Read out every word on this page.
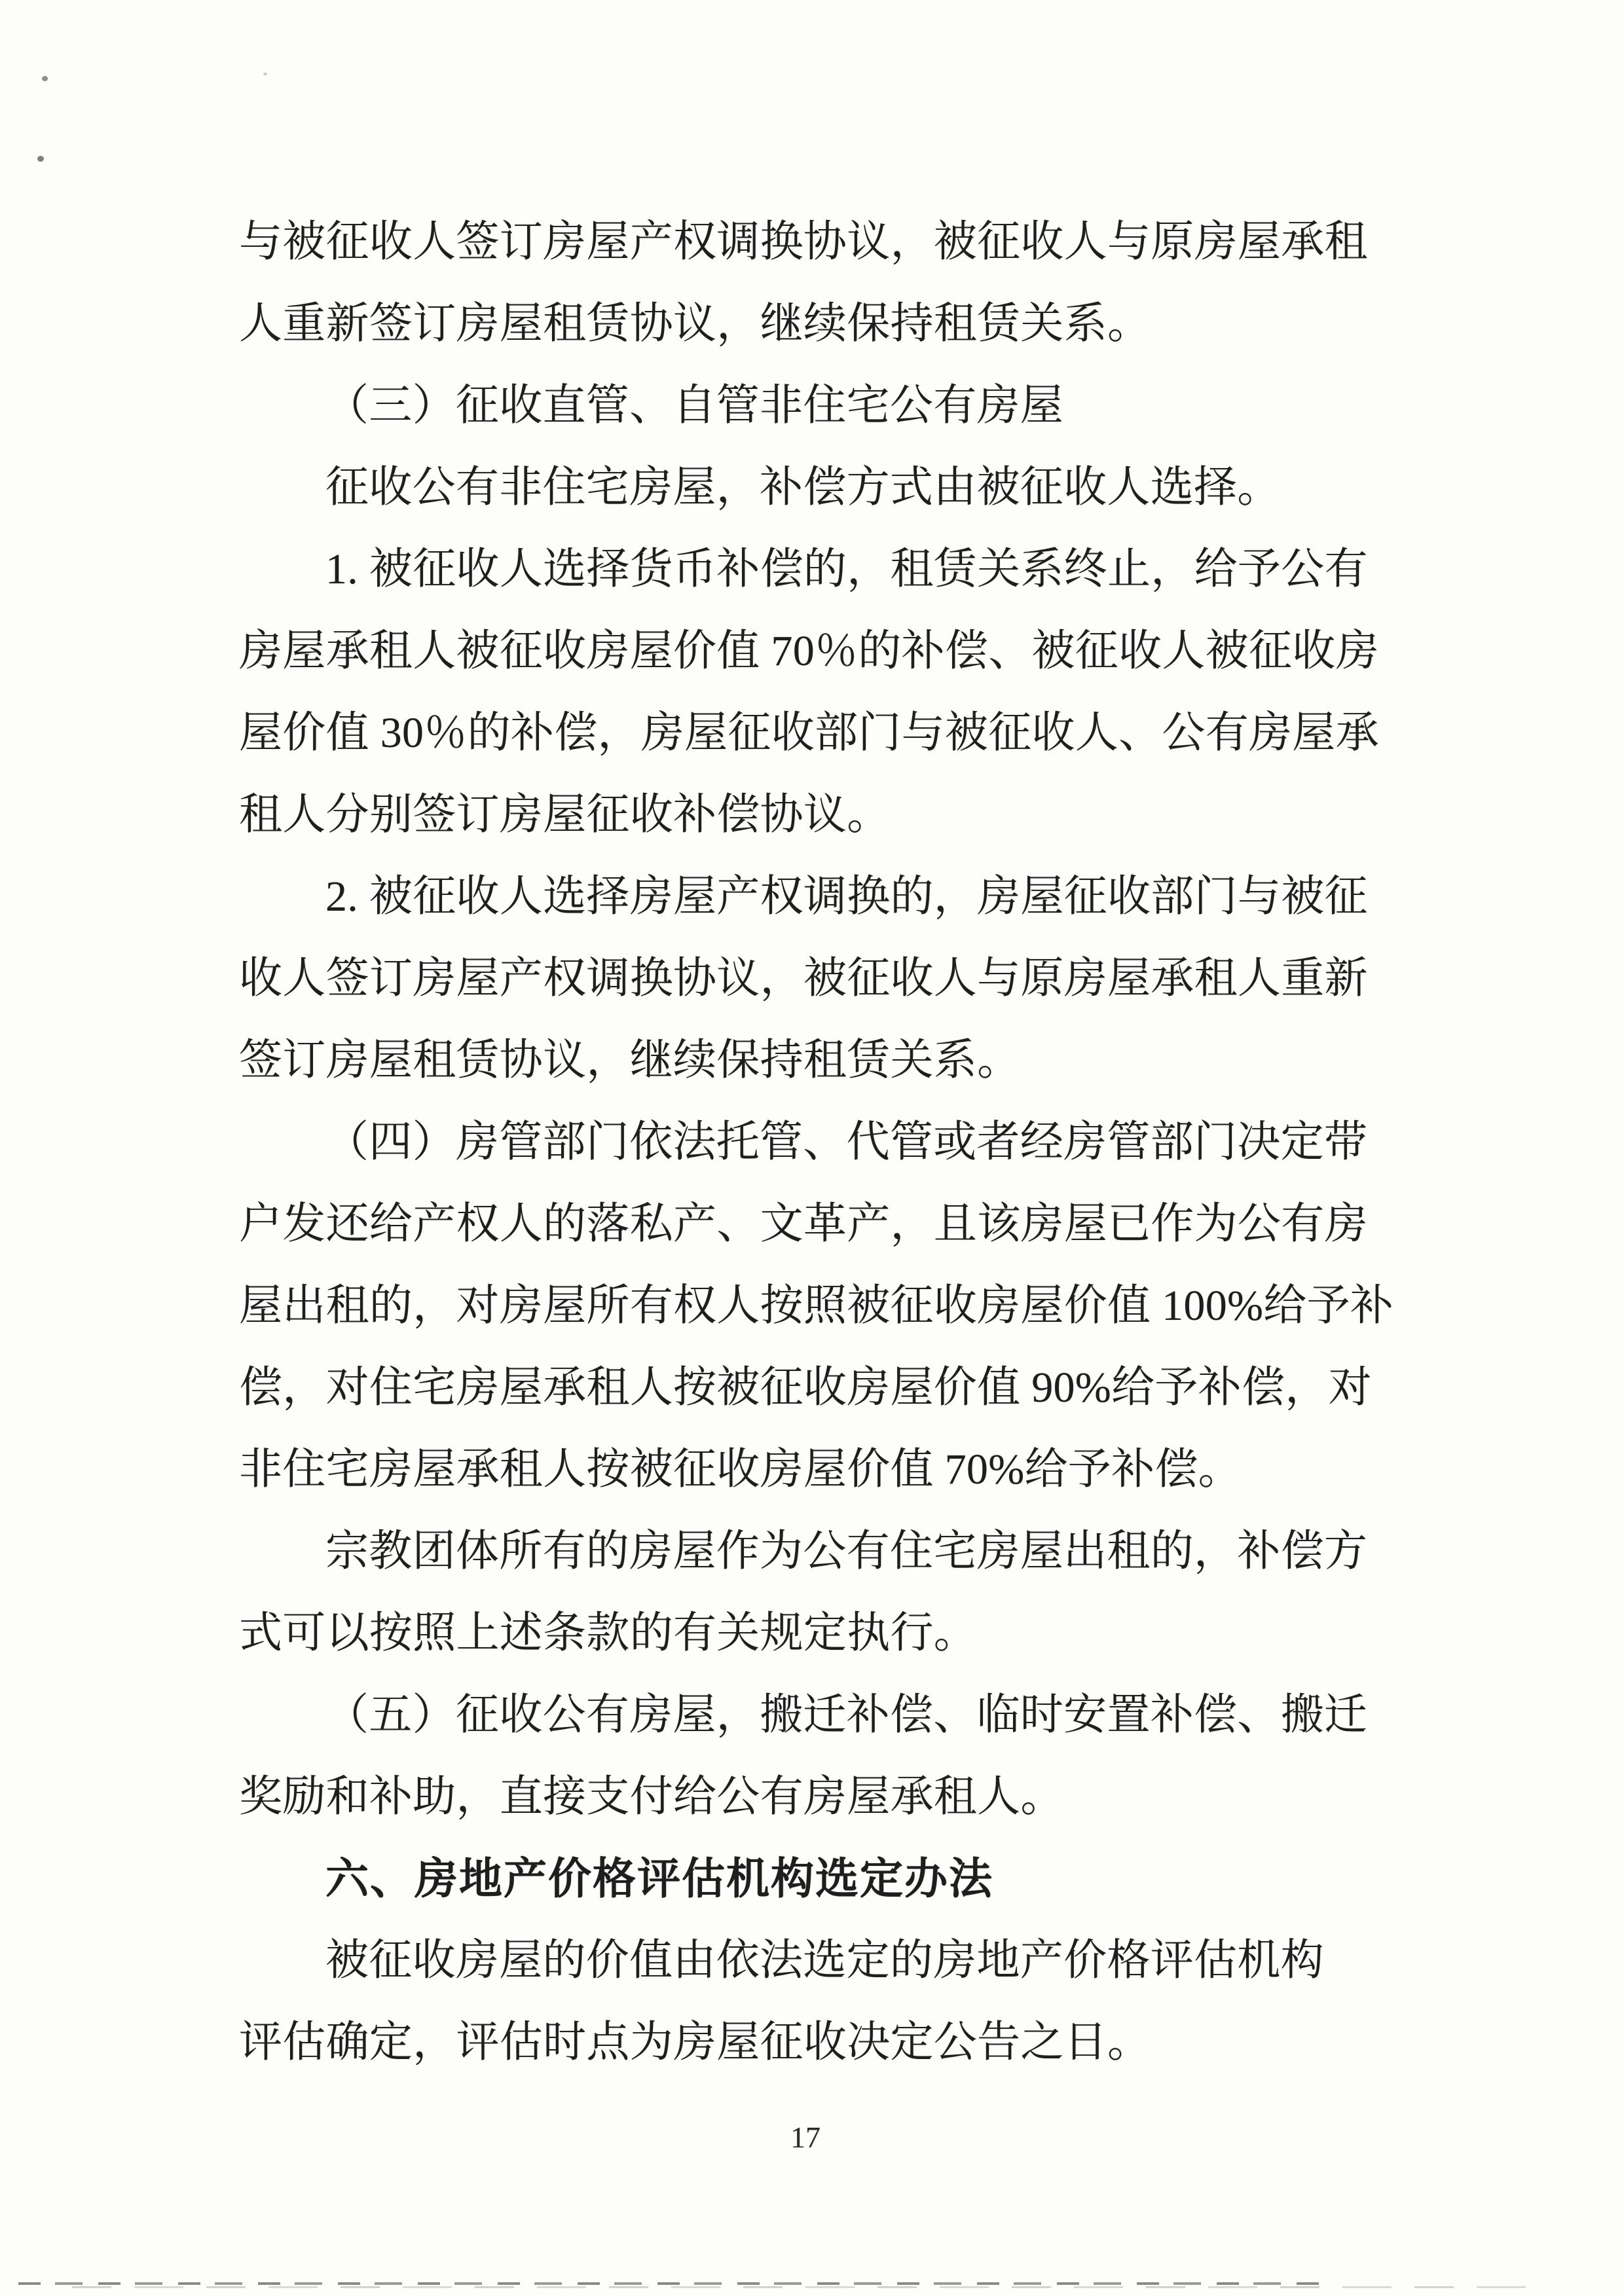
与被征收人签订房屋产权调换协议，被征收人与原房屋承租
人重新签订房屋租赁协议，继续保持租赁关系。
（三）征收直管、自管非住宅公有房屋
征收公有非住宅房屋，补偿方式由被征收人选择。
1. 被征收人选择货币补偿的，租赁关系终止，给予公有
房屋承租人被征收房屋价值 70％的补偿、被征收人被征收房
屋价值 30％的补偿，房屋征收部门与被征收人、公有房屋承
租人分别签订房屋征收补偿协议。
2. 被征收人选择房屋产权调换的，房屋征收部门与被征
收人签订房屋产权调换协议，被征收人与原房屋承租人重新
签订房屋租赁协议，继续保持租赁关系。
（四）房管部门依法托管、代管或者经房管部门决定带
户发还给产权人的落私产、文革产，且该房屋已作为公有房
屋出租的，对房屋所有权人按照被征收房屋价值 100%给予补
偿，对住宅房屋承租人按被征收房屋价值 90%给予补偿，对
非住宅房屋承租人按被征收房屋价值 70%给予补偿。
宗教团体所有的房屋作为公有住宅房屋出租的，补偿方
式可以按照上述条款的有关规定执行。
（五）征收公有房屋，搬迁补偿、临时安置补偿、搬迁
奖励和补助，直接支付给公有房屋承租人。
六、房地产价格评估机构选定办法
被征收房屋的价值由依法选定的房地产价格评估机构
评估确定，评估时点为房屋征收决定公告之日。
17
